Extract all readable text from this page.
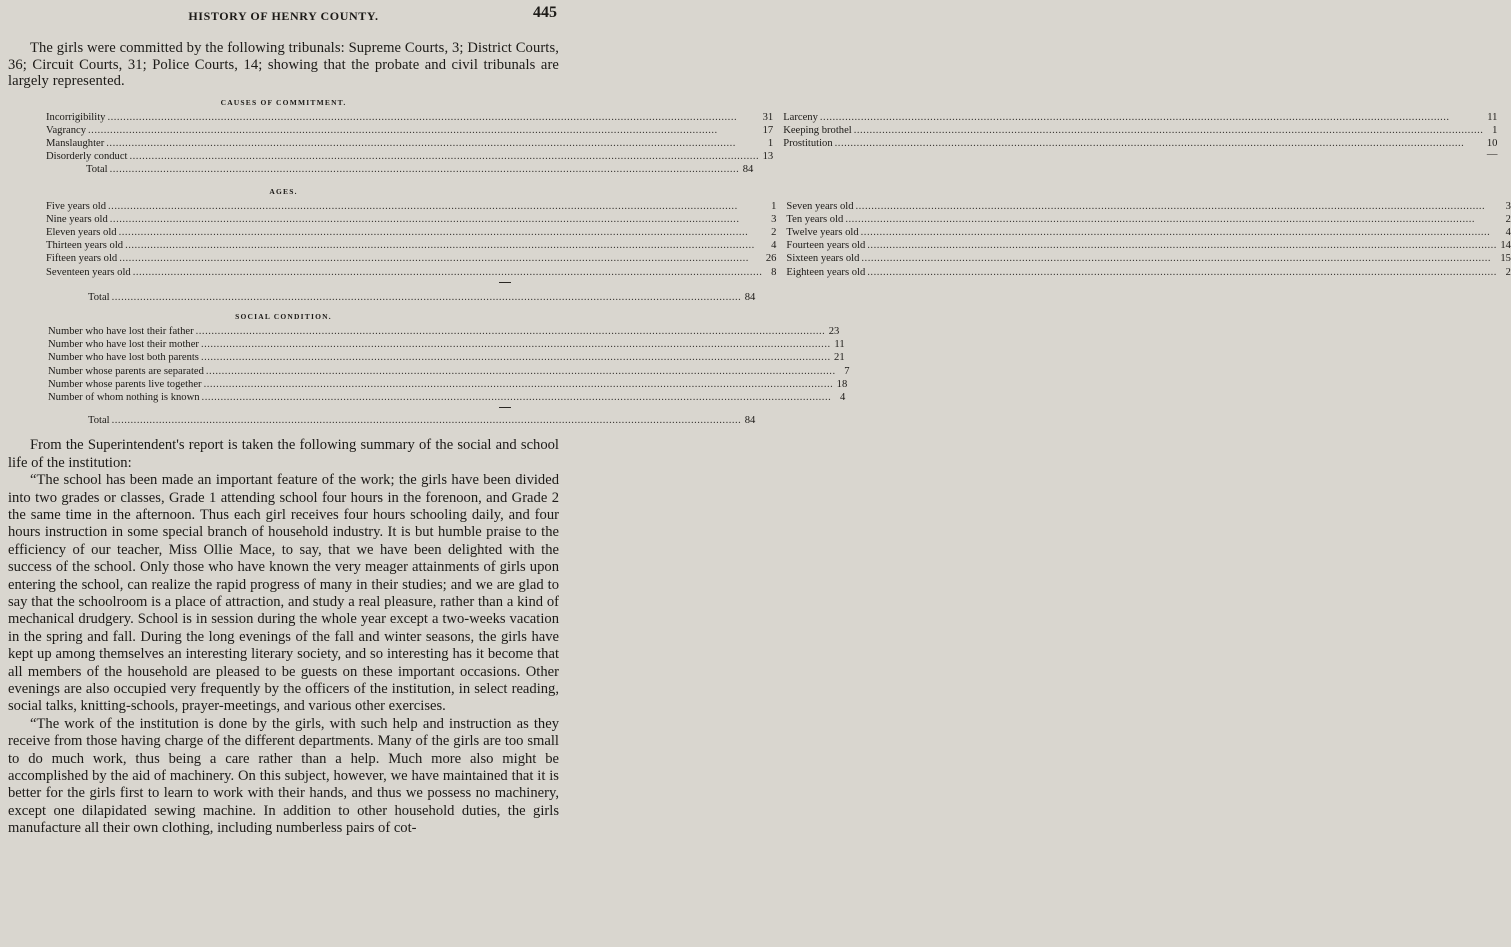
HISTORY OF HENRY COUNTY.	445

The girls were committed by the following tribunals: Supreme Courts, 3; District Courts, 36; Circuit Courts, 31; Police Courts, 14; showing that the probate and civil tribunals are largely represented.

CAUSES OF COMMITMENT.
Incorrigibility .....	31
Vagrancy .....	17
Manslaughter .....	1
Disorderly conduct .....	13
Larceny .....	11
Keeping brothel .....	1
Prostitution .....	10
—
Total .....	84
AGES.
Five years old .....	1
Nine years old .....	3
Eleven years old .....	2
Thirteen years old .....	4
Fifteen years old .....	26
Seventeen years old .....	8
Seven years old .....	3
Ten years old .....	2
Twelve years old .....	4
Fourteen years old .....	14
Sixteen years old .....	15
Eighteen years old .....	2
Total .....	84
SOCIAL CONDITION.
Number who have lost their father .....	23
Number who have lost their mother .....	11
Number who have lost both parents .....	21
Number whose parents are separated .....	7
Number whose parents live together .....	18
Number of whom nothing is known .....	4
Total .....	84

From the Superintendent's report is taken the following summary of the social and school life of the institution:

“The school has been made an important feature of the work; the girls have been divided into two grades or classes, Grade 1 attending school four hours in the forenoon, and Grade 2 the same time in the afternoon. Thus each girl receives four hours schooling daily, and four hours instruction in some special branch of household industry. It is but humble praise to the efficiency of our teacher, Miss Ollie Mace, to say, that we have been delighted with the success of the school. Only those who have known the very meager attainments of girls upon entering the school, can realize the rapid progress of many in their studies; and we are glad to say that the schoolroom is a place of attraction, and study a real pleasure, rather than a kind of mechanical drudgery. School is in session during the whole year except a two-weeks vacation in the spring and fall. During the long evenings of the fall and winter seasons, the girls have kept up among themselves an interesting literary society, and so interesting has it become that all members of the household are pleased to be guests on these important occasions. Other evenings are also occupied very frequently by the officers of the institution, in select reading, social talks, knitting-schools, prayer-meetings, and various other exercises.

“The work of the institution is done by the girls, with such help and instruction as they receive from those having charge of the different departments. Many of the girls are too small to do much work, thus being a care rather than a help. Much more also might be accomplished by the aid of machinery. On this subject, however, we have maintained that it is better for the girls first to learn to work with their hands, and thus we possess no machinery, except one dilapidated sewing machine. In addition to other household duties, the girls manufacture all their own clothing, including numberless pairs of cot-
